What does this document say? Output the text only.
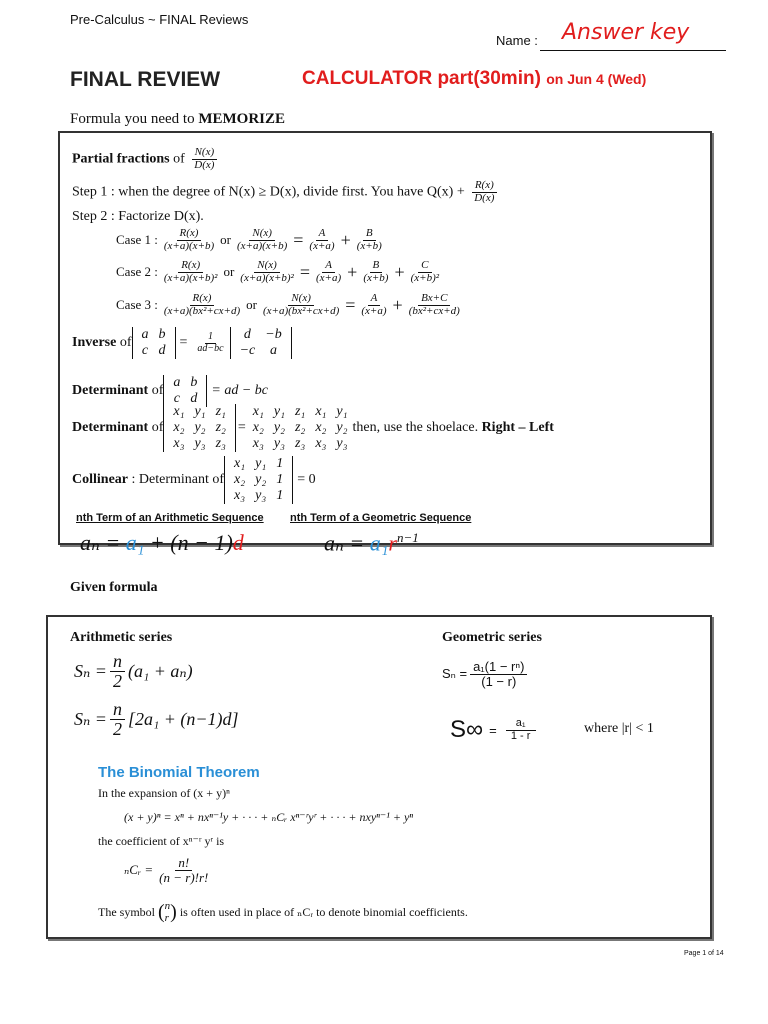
Pre-Calculus ~ FINAL Reviews
Name : Answer key
FINAL REVIEW	CALCULATOR part(30min) on Jun 4 (Wed)
Formula you need to MEMORIZE
Partial fractions of $\frac{N(x)}{D(x)}$
Step 1 : when the degree of N(x) ≥ D(x), divide first. You have $Q(x) + \frac{R(x)}{D(x)}$
Step 2 : Factorize D(x).
Case 1 : $\frac{R(x)}{(x+a)(x+b)}$ or $\frac{N(x)}{(x+a)(x+b)} = \frac{A}{(x+a)} + \frac{B}{(x+b)}$
Case 2 : $\frac{R(x)}{\text{(x+a)(x+b)²}}$ or $\frac{N(x)}{\text{(x+a)(x+b)²}} = \frac{A}{(x+a)} + \frac{B}{(x+b)} + \frac{C}{\text{(x+b)²}}$
Case 3 : $\frac{R(x)}{\text{(x+a)(bx²+cx+d)}}$ or $\frac{N(x)}{\text{(x+a)(bx²+cx+d)}} = \frac{A}{(x+a)} + \frac{Bx+C}{\text{(bx²+cx+d)}}$
Inverse
of
a	b
c	d
= $\frac{1}{ad-bc}$ d	−b
−c	a
Determinant
of
a	b
c	d
= ad − bc
Determinant
of
x₁	y₁	z₁
x₂	y₂	z₂
x₃	y₃	z₃
=
x₁	y₁	z₁	x₁	y₁
x₂	y₂	z₂	x₂	y₂
x₃	y₃	z₃	x₃	y₃
then, use the shoelace.
Right – Left
Collinear
: Determinant of
x₁	y₁	1
x₂	y₂	1
x₃	y₃	1
= 0
nth Term of an Arithmetic Sequence nth Term of a Geometric Sequence
aₙ = a₁ + (n − 1)d	$a_n = a_1r^{n-1}$
Given formula
Arithmetic series	Geometric series
$S_n = \frac{n}{2} (a_1 + a_n)$
$S_n = \frac{n}{2} [2a_1 + (n-1)d]$
$S_n = \frac{\text{a₁(1 − rⁿ)}}{(1 - r)}$
$S\infty = \frac{\text{a₁}}{1 - r}$	where |r| < 1
The Binomial Theorem
In the expansion of (x + y)ⁿ
(x + y)ⁿ = xⁿ + nxⁿ⁻¹y + · · · + ₙCᵣ xⁿ⁻ʳyʳ + · · · + nxyⁿ⁻¹ + yⁿ
the coefficient of xⁿ⁻ʳ yʳ is
ₙCᵣ = $\frac{n!}{(n - r)!r!}$
The symbol ( n
r ) is often used in place of ₙCᵣ to denote binomial coefficients.
Page 1 of 14
